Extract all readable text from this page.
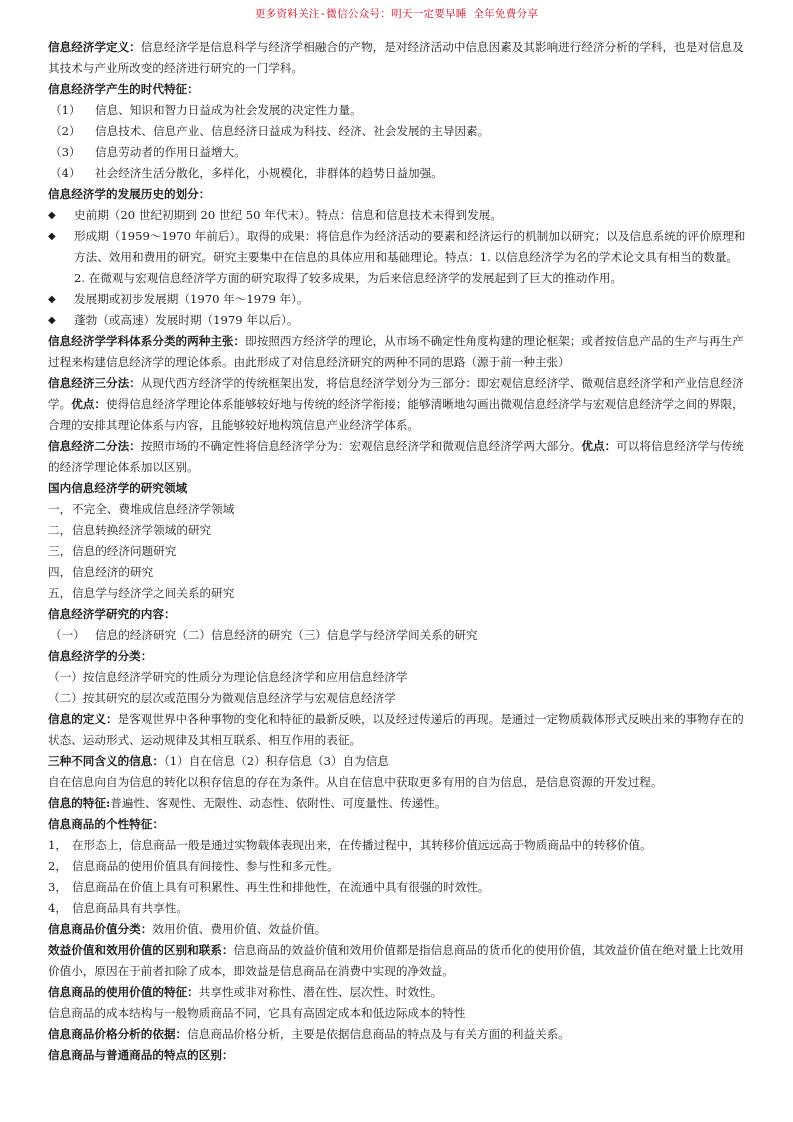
更多资料关注-微信公众号：明天一定要早睡 全年免费分享

信息经济学定义：信息经济学是信息科学与经济学相融合的产物，是对经济活动中信息因素及其影响进行经济分析的学科，也是对信息及其技术与产业所改变的经济进行研究的一门学科。

信息经济学产生的时代特征：

（1）	信息、知识和智力日益成为社会发展的决定性力量。
（2）	信息技术、信息产业、信息经济日益成为科技、经济、社会发展的主导因素。
（3）	信息劳动者的作用日益增大。
（4）	社会经济生活分散化，多样化，小规模化，非群体的趋势日益加强。

信息经济学的发展历史的划分：

◆	史前期（20 世纪初期到 20 世纪 50 年代末）。特点：信息和信息技术未得到发展。
◆	形成期（1959～1970 年前后）。取得的成果：将信息作为经济活动的要素和经济运行的机制加以研究；以及信息系统的评价原理和方法、效用和费用的研究。研究主要集中在信息的具体应用和基础理论。特点：1. 以信息经济学为名的学术论文具有相当的数量。2. 在微观与宏观信息经济学方面的研究取得了较多成果，为后来信息经济学的发展起到了巨大的推动作用。
◆	发展期或初步发展期（1970 年～1979 年）。
◆	蓬勃（或高速）发展时期（1979 年以后）。

信息经济学学科体系分类的两种主张：即按照西方经济学的理论，从市场不确定性角度构建的理论框架；或者按信息产品的生产与再生产过程来构建信息经济学的理论体系。由此形成了对信息经济研究的两种不同的思路（源于前一种主张）

信息经济三分法：从现代西方经济学的传统框架出发，将信息经济学划分为三部分：即宏观信息经济学、微观信息经济学和产业信息经济学。优点：使得信息经济学理论体系能够较好地与传统的经济学衔接；能够清晰地勾画出微观信息经济学与宏观信息经济学之间的界限，合理的安排其理论体系与内容，且能够较好地构筑信息产业经济学体系。

信息经济二分法：按照市场的不确定性将信息经济学分为：宏观信息经济学和微观信息经济学两大部分。优点：可以将信息经济学与传统的经济学理论体系加以区别。

国内信息经济学的研究领域

一， 不完全、费堆成信息经济学领域
二， 信息转换经济学领域的研究
三， 信息的经济问题研究
四， 信息经济的研究
五， 信息学与经济学之间关系的研究

信息经济学研究的内容：

（一） 信息的经济研究（二）信息经济的研究（三）信息学与经济学间关系的研究

信息经济学的分类：

（一）按信息经济学研究的性质分为理论信息经济学和应用信息经济学

（二）按其研究的层次或范围分为微观信息经济学与宏观信息经济学

信息的定义：是客观世界中各种事物的变化和特征的最新反映，以及经过传递后的再现。是通过一定物质载体形式反映出来的事物存在的状态、运动形式、运动规律及其相互联系、相互作用的表征。

三种不同含义的信息：（1）自在信息（2）积存信息（3）自为信息

自在信息向自为信息的转化以积存信息的存在为条件。从自在信息中获取更多有用的自为信息，是信息资源的开发过程。

信息的特征:普遍性、客观性、无限性、动态性、依附性、可度量性、传递性。

信息商品的个性特征：

1， 在形态上，信息商品一般是通过实物载体表现出来，在传播过程中，其转移价值远远高于物质商品中的转移价值。
2， 信息商品的使用价值具有间接性、参与性和多元性。
3， 信息商品在价值上具有可积累性、再生性和排他性，在流通中具有很强的时效性。
4， 信息商品具有共享性。

信息商品价值分类：效用价值、费用价值、效益价值。

效益价值和效用价值的区别和联系：信息商品的效益价值和效用价值都是指信息商品的货币化的使用价值，其效益价值在绝对量上比效用价值小，原因在于前者扣除了成本，即效益是信息商品在消费中实现的净效益。

信息商品的使用价值的特征：共享性或非对称性、潜在性、层次性、时效性。

信息商品的成本结构与一般物质商品不同，它具有高固定成本和低边际成本的特性

信息商品价格分析的依据：信息商品价格分析，主要是依据信息商品的特点及与有关方面的利益关系。

信息商品与普通商品的特点的区别：
